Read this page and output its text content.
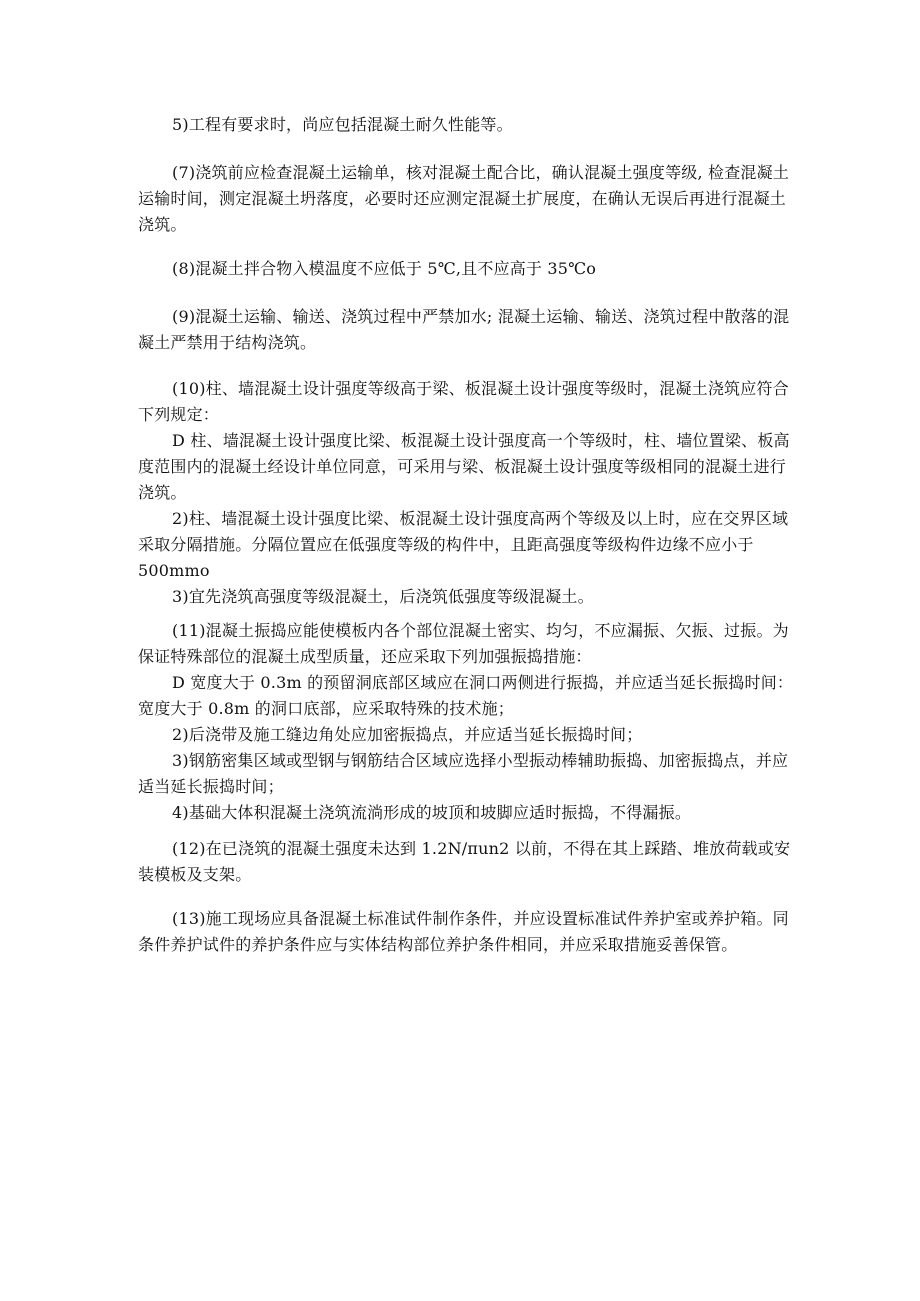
5)工程有要求时，尚应包括混凝土耐久性能等。

(7)浇筑前应检查混凝土运输单，核对混凝土配合比，确认混凝土强度等级, 检查混凝土运输时间，测定混凝土坍落度，必要时还应测定混凝土扩展度，在确认无误后再进行混凝土浇筑。

(8)混凝土拌合物入模温度不应低于 5℃,且不应高于 35℃o

(9)混凝土运输、输送、浇筑过程中严禁加水; 混凝土运输、输送、浇筑过程中散落的混凝土严禁用于结构浇筑。

(10)柱、墙混凝土设计强度等级高于梁、板混凝土设计强度等级时，混凝土浇筑应符合下列规定：

D 柱、墙混凝土设计强度比梁、板混凝土设计强度高一个等级时，柱、墙位置梁、板高度范围内的混凝土经设计单位同意，可采用与梁、板混凝土设计强度等级相同的混凝土进行浇筑。

2)柱、墙混凝土设计强度比梁、板混凝土设计强度高两个等级及以上时，应在交界区域采取分隔措施。分隔位置应在低强度等级的构件中，且距高强度等级构件边缘不应小于 500mmo

3)宜先浇筑高强度等级混凝土，后浇筑低强度等级混凝土。

(11)混凝土振捣应能使模板内各个部位混凝土密实、均匀，不应漏振、欠振、过振。为保证特殊部位的混凝土成型质量，还应采取下列加强振捣措施：

D 宽度大于 0.3m 的预留洞底部区域应在洞口两侧进行振捣，并应适当延长振捣时间：宽度大于 0.8m 的洞口底部，应采取特殊的技术施；

2)后浇带及施工缝边角处应加密振捣点，并应适当延长振捣时间；

3)钢筋密集区域或型钢与钢筋结合区域应选择小型振动棒辅助振捣、加密振捣点，并应适当延长振捣时间；

4)基础大体积混凝土浇筑流淌形成的坡顶和坡脚应适时振捣，不得漏振。

(12)在已浇筑的混凝土强度未达到 1.2N∕πun2 以前，不得在其上踩踏、堆放荷载或安装模板及支架。

(13)施工现场应具备混凝土标准试件制作条件，并应设置标准试件养护室或养护箱。同条件养护试件的养护条件应与实体结构部位养护条件相同，并应采取措施妥善保管。
